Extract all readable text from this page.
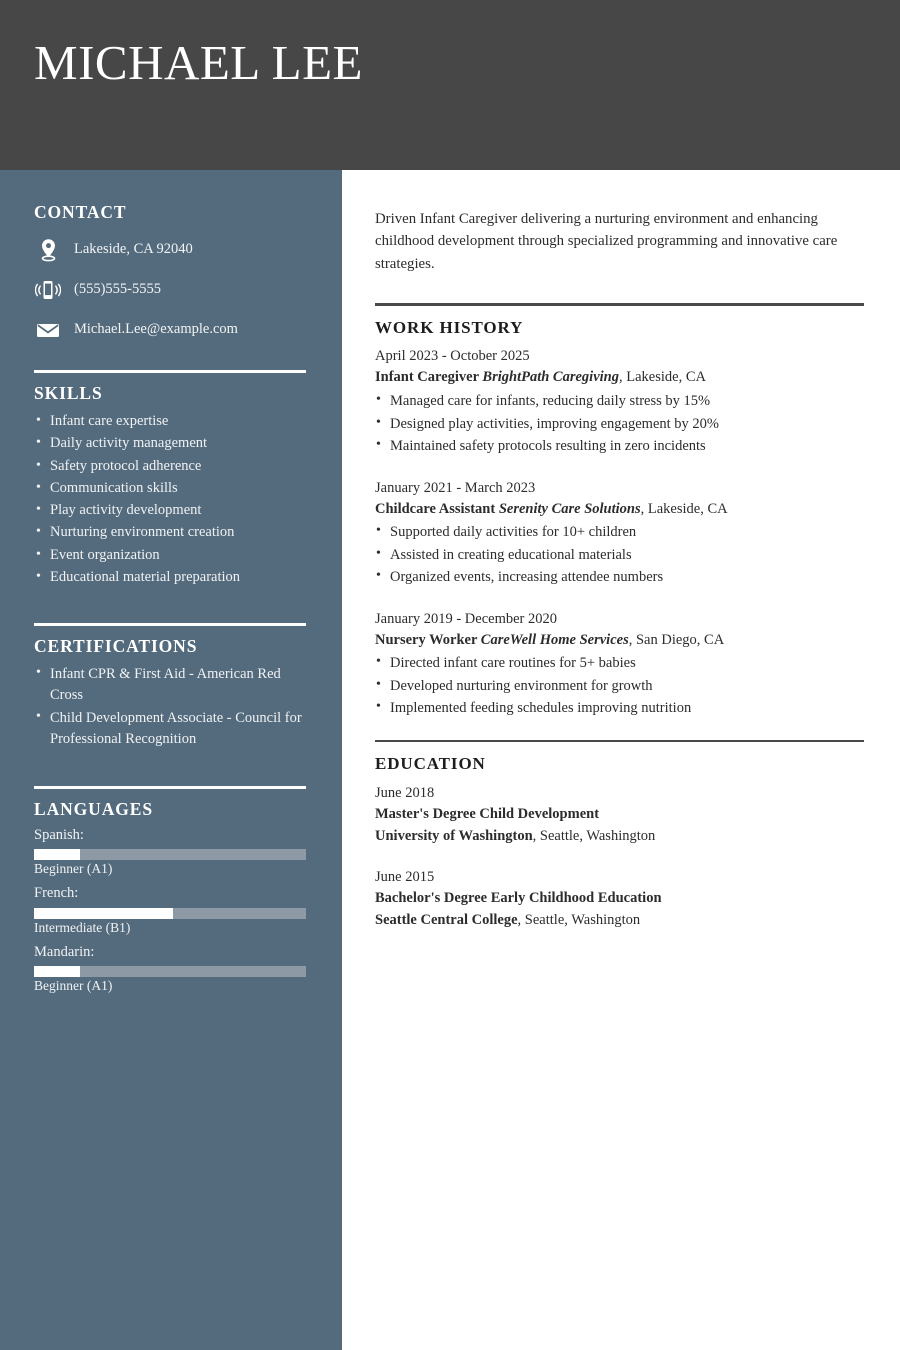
MICHAEL LEE
CONTACT
Lakeside, CA 92040
(555)555-5555
Michael.Lee@example.com
SKILLS
• Infant care expertise
• Daily activity management
• Safety protocol adherence
• Communication skills
• Play activity development
• Nurturing environment creation
• Event organization
• Educational material preparation
CERTIFICATIONS
• Infant CPR & First Aid - American Red Cross
• Child Development Associate - Council for Professional Recognition
LANGUAGES
Spanish:
Beginner (A1)
French:
Intermediate (B1)
Mandarin:
Beginner (A1)
Driven Infant Caregiver delivering a nurturing environment and enhancing childhood development through specialized programming and innovative care strategies.
WORK HISTORY
April 2023 - October 2025
Infant Caregiver BrightPath Caregiving, Lakeside, CA
• Managed care for infants, reducing daily stress by 15%
• Designed play activities, improving engagement by 20%
• Maintained safety protocols resulting in zero incidents
January 2021 - March 2023
Childcare Assistant Serenity Care Solutions, Lakeside, CA
• Supported daily activities for 10+ children
• Assisted in creating educational materials
• Organized events, increasing attendee numbers
January 2019 - December 2020
Nursery Worker CareWell Home Services, San Diego, CA
• Directed infant care routines for 5+ babies
• Developed nurturing environment for growth
• Implemented feeding schedules improving nutrition
EDUCATION
June 2018
Master's Degree Child Development
University of Washington, Seattle, Washington
June 2015
Bachelor's Degree Early Childhood Education
Seattle Central College, Seattle, Washington
